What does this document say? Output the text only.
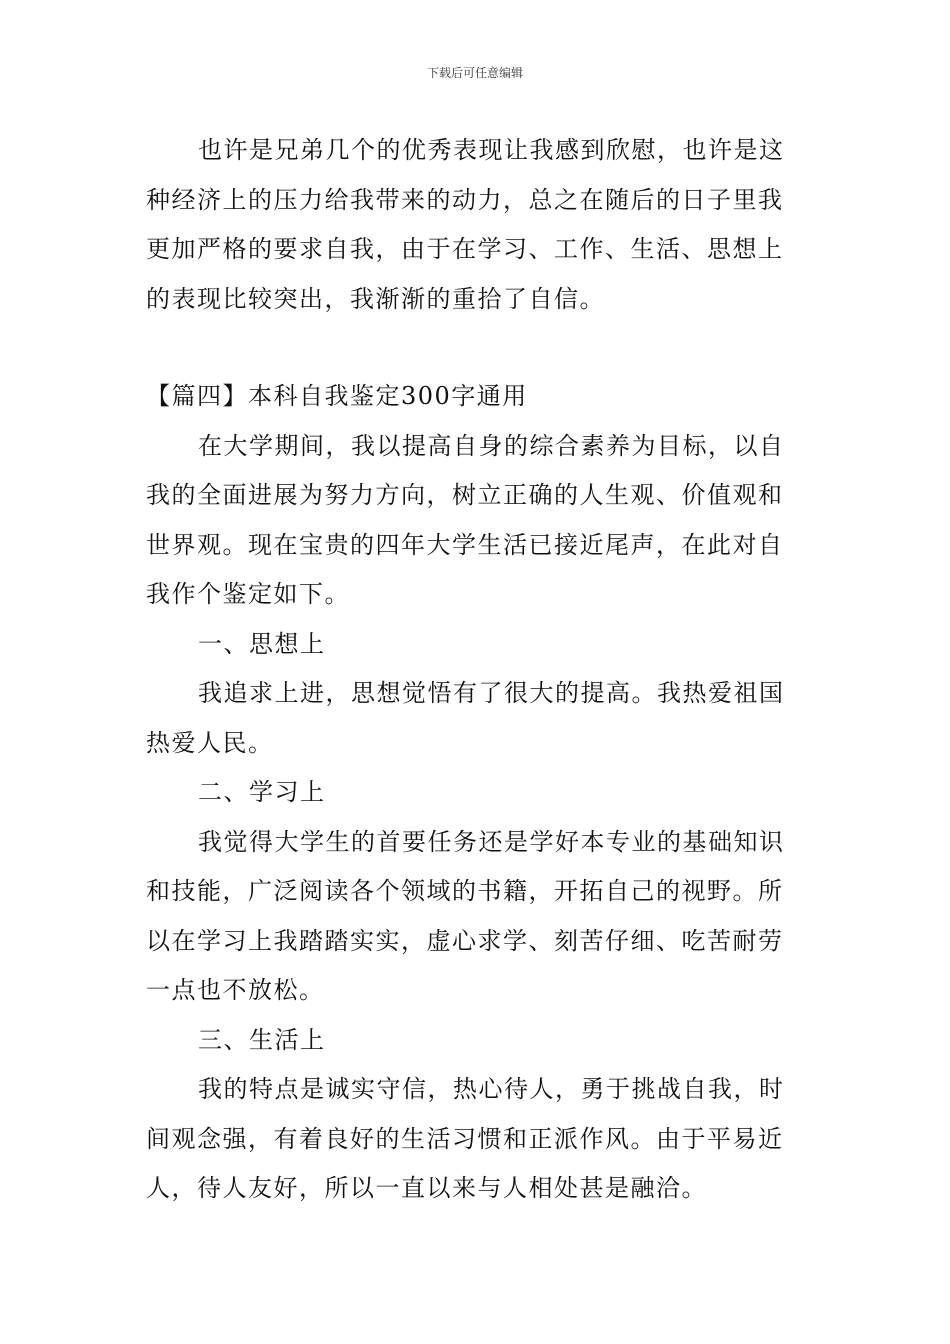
下载后可任意编辑

也许是兄弟几个的优秀表现让我感到欣慰，也许是这种经济上的压力给我带来的动力，总之在随后的日子里我更加严格的要求自我，由于在学习、工作、生活、思想上的表现比较突出，我渐渐的重拾了自信。

【篇四】本科自我鉴定300字通用

在大学期间，我以提高自身的综合素养为目标，以自我的全面进展为努力方向，树立正确的人生观、价值观和世界观。现在宝贵的四年大学生活已接近尾声，在此对自我作个鉴定如下。

一、思想上

我追求上进，思想觉悟有了很大的提高。我热爱祖国热爱人民。

二、学习上

我觉得大学生的首要任务还是学好本专业的基础知识和技能，广泛阅读各个领域的书籍，开拓自己的视野。所以在学习上我踏踏实实，虚心求学、刻苦仔细、吃苦耐劳一点也不放松。

三、生活上

我的特点是诚实守信，热心待人，勇于挑战自我，时间观念强，有着良好的生活习惯和正派作风。由于平易近人，待人友好，所以一直以来与人相处甚是融洽。
